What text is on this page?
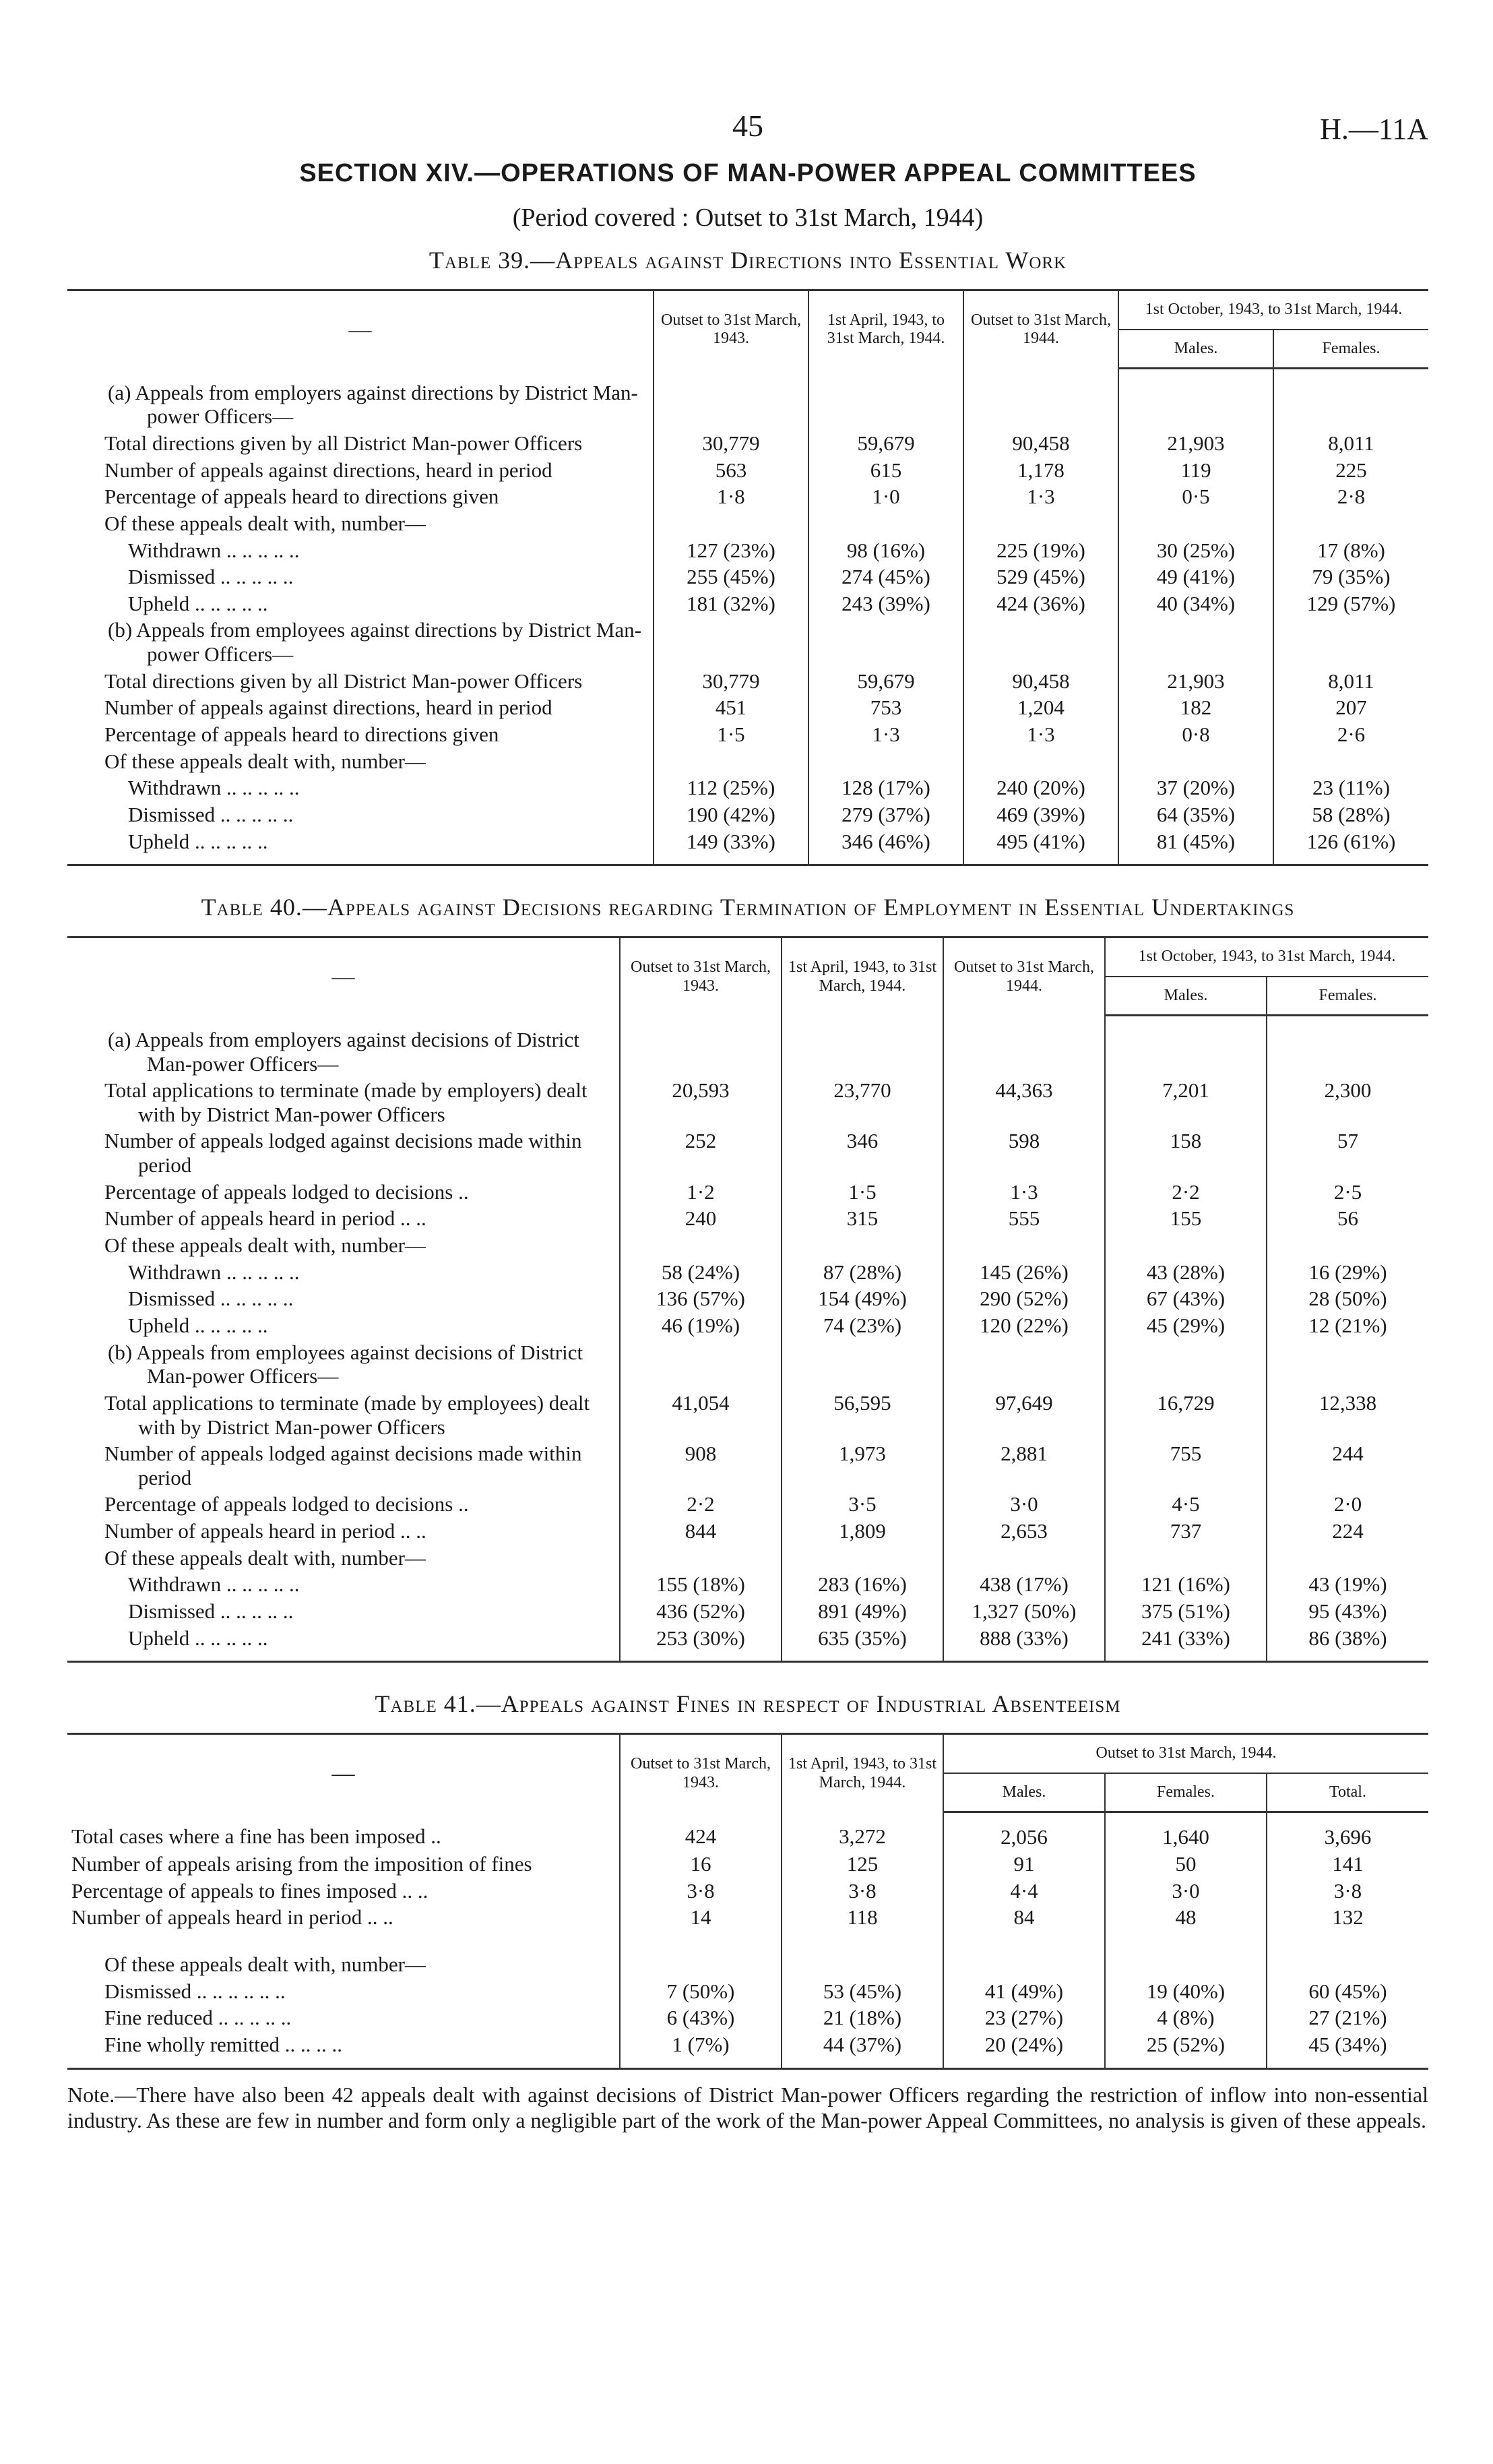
45	H.—11A
SECTION XIV.—OPERATIONS OF MAN-POWER APPEAL COMMITTEES
(Period covered : Outset to 31st March, 1944)
Table 39.—Appeals against Directions into Essential Work
—	Outset to 31st March, 1943.	1st April, 1943, to 31st March, 1944.	Outset to 31st March, 1944.	1st October, 1943, to 31st March, 1944.	
				Males.	Females.
(a) Appeals from employers against directions by District Man-power Officers—					
Total directions given by all District Man-power Officers	30,779	59,679	90,458	21,903	8,011
Number of appeals against directions, heard in period	563	615	1,178	119	225
Percentage of appeals heard to directions given	1·8	1·0	1·3	0·5	2·8
Of these appeals dealt with, number—					
Withdrawn .. .. .. .. ..	127 (23%)	98 (16%)	225 (19%)	30 (25%)	17 (8%)
Dismissed .. .. .. .. ..	255 (45%)	274 (45%)	529 (45%)	49 (41%)	79 (35%)
Upheld .. .. .. .. ..	181 (32%)	243 (39%)	424 (36%)	40 (34%)	129 (57%)
(b) Appeals from employees against directions by District Man-power Officers—					
Total directions given by all District Man-power Officers	30,779	59,679	90,458	21,903	8,011
Number of appeals against directions, heard in period	451	753	1,204	182	207
Percentage of appeals heard to directions given	1·5	1·3	1·3	0·8	2·6
Of these appeals dealt with, number—					
Withdrawn .. .. .. .. ..	112 (25%)	128 (17%)	240 (20%)	37 (20%)	23 (11%)
Dismissed .. .. .. .. ..	190 (42%)	279 (37%)	469 (39%)	64 (35%)	58 (28%)
Upheld .. .. .. .. ..	149 (33%)	346 (46%)	495 (41%)	81 (45%)	126 (61%)
Table 40.—Appeals against Decisions regarding Termination of Employment in Essential Undertakings
—	Outset to 31st March, 1943.	1st April, 1943, to 31st March, 1944.	Outset to 31st March, 1944.	1st October, 1943, to 31st March, 1944.	
				Males.	Females.
(a) Appeals from employers against decisions of District Man-power Officers—					
Total applications to terminate (made by employers) dealt with by District Man-power Officers	20,593	23,770	44,363	7,201	2,300
Number of appeals lodged against decisions made within period	252	346	598	158	57
Percentage of appeals lodged to decisions ..	1·2	1·5	1·3	2·2	2·5
Number of appeals heard in period .. ..	240	315	555	155	56
Of these appeals dealt with, number—					
Withdrawn .. .. .. .. ..	58 (24%)	87 (28%)	145 (26%)	43 (28%)	16 (29%)
Dismissed .. .. .. .. ..	136 (57%)	154 (49%)	290 (52%)	67 (43%)	28 (50%)
Upheld .. .. .. .. ..	46 (19%)	74 (23%)	120 (22%)	45 (29%)	12 (21%)
(b) Appeals from employees against decisions of District Man-power Officers—					
Total applications to terminate (made by employees) dealt with by District Man-power Officers	41,054	56,595	97,649	16,729	12,338
Number of appeals lodged against decisions made within period	908	1,973	2,881	755	244
Percentage of appeals lodged to decisions ..	2·2	3·5	3·0	4·5	2·0
Number of appeals heard in period .. ..	844	1,809	2,653	737	224
Of these appeals dealt with, number—					
Withdrawn .. .. .. .. ..	155 (18%)	283 (16%)	438 (17%)	121 (16%)	43 (19%)
Dismissed .. .. .. .. ..	436 (52%)	891 (49%)	1,327 (50%)	375 (51%)	95 (43%)
Upheld .. .. .. .. ..	253 (30%)	635 (35%)	888 (33%)	241 (33%)	86 (38%)
Table 41.—Appeals against Fines in respect of Industrial Absenteeism
—	Outset to 31st March, 1943.	1st April, 1943, to 31st March, 1944.	Outset to 31st March, 1944.		
			Males.	Females.	Total.
Total cases where a fine has been imposed ..	424	3,272	2,056	1,640	3,696
Number of appeals arising from the imposition of fines	16	125	91	50	141
Percentage of appeals to fines imposed .. ..	3·8	3·8	4·4	3·0	3·8
Number of appeals heard in period .. ..	14	118	84	48	132

Of these appeals dealt with, number—					
Dismissed .. .. .. .. .. ..	7 (50%)	53 (45%)	41 (49%)	19 (40%)	60 (45%)
Fine reduced .. .. .. .. ..	6 (43%)	21 (18%)	23 (27%)	4 (8%)	27 (21%)
Fine wholly remitted .. .. .. ..	1 (7%)	44 (37%)	20 (24%)	25 (52%)	45 (34%)
Note.—There have also been 42 appeals dealt with against decisions of District Man-power Officers regarding the restriction of inflow into non-essential industry. As these are few in number and form only a negligible part of the work of the Man-power Appeal Committees, no analysis is given of these appeals.
